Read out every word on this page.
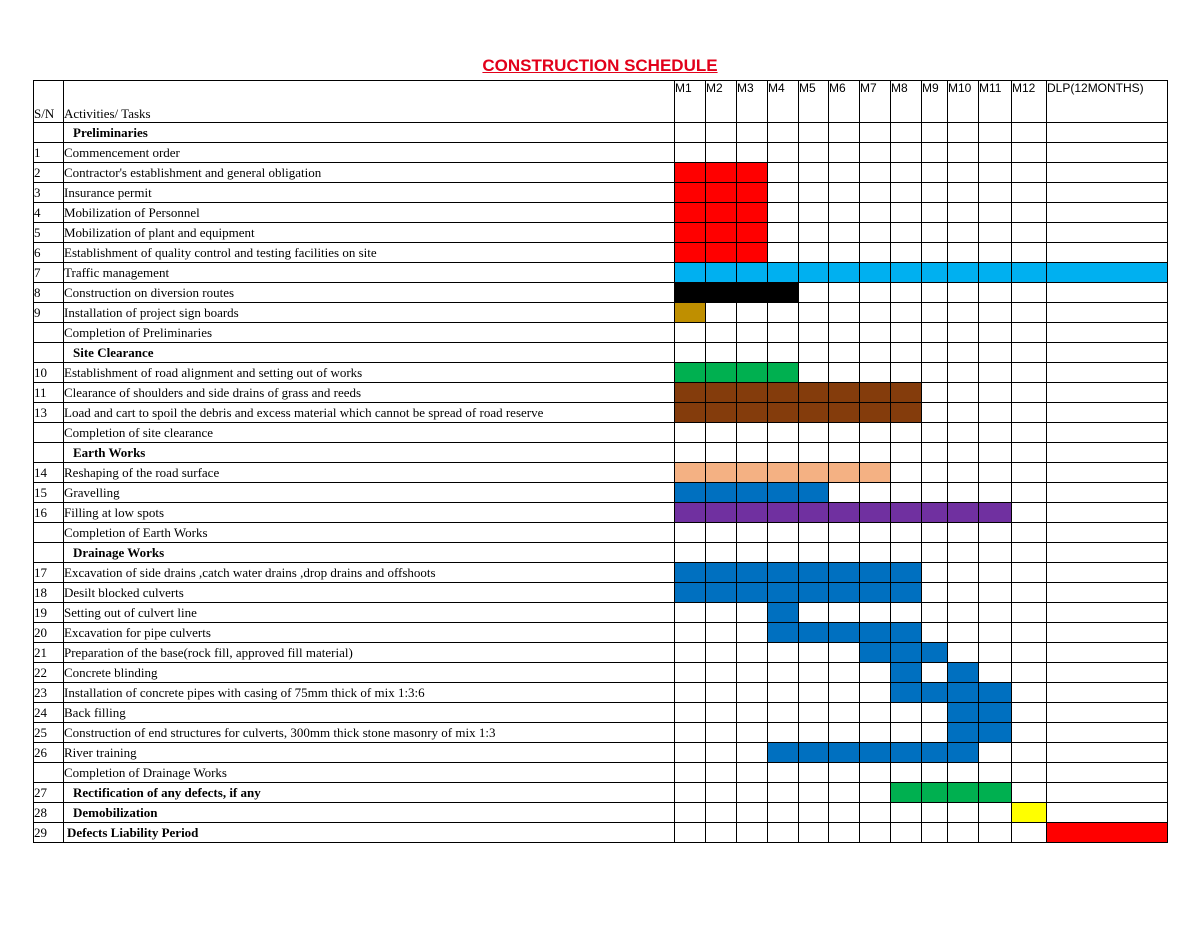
CONSTRUCTION SCHEDULE
S/N	Activities/ Tasks	M1	M2	M3	M4	M5	M6	M7	M8	M9	M10	M11	M12	DLP(12MONTHS)
	Preliminaries													
1	Commencement order													
2	Contractor's establishment and general obligation													
3	Insurance permit													
4	Mobilization of Personnel													
5	Mobilization of plant and equipment													
6	Establishment of quality control and testing facilities on site													
7	Traffic management													
8	Construction on diversion routes													
9	Installation of project sign boards													
	Completion of Preliminaries													
	Site Clearance													
10	Establishment of road alignment and setting out of works													
11	Clearance of shoulders and side drains of grass and reeds													
13	Load and cart to spoil the debris and excess material which cannot be spread of road reserve													
	Completion of site clearance													
	Earth Works													
14	Reshaping of the road surface													
15	Gravelling													
16	Filling at low spots													
	Completion of Earth Works													
	Drainage Works													
17	Excavation of side drains ,catch water drains ,drop drains and offshoots													
18	Desilt blocked culverts													
19	Setting out of culvert line													
20	Excavation for pipe culverts													
21	Preparation of the base(rock fill, approved fill material)													
22	Concrete blinding													
23	Installation of concrete pipes with casing of 75mm thick of mix 1:3:6													
24	Back filling													
25	Construction of end structures for culverts, 300mm thick stone masonry of mix 1:3													
26	River training													
	Completion of Drainage Works													
27	Rectification of any defects, if any													
28	Demobilization													
29	Defects Liability Period													
